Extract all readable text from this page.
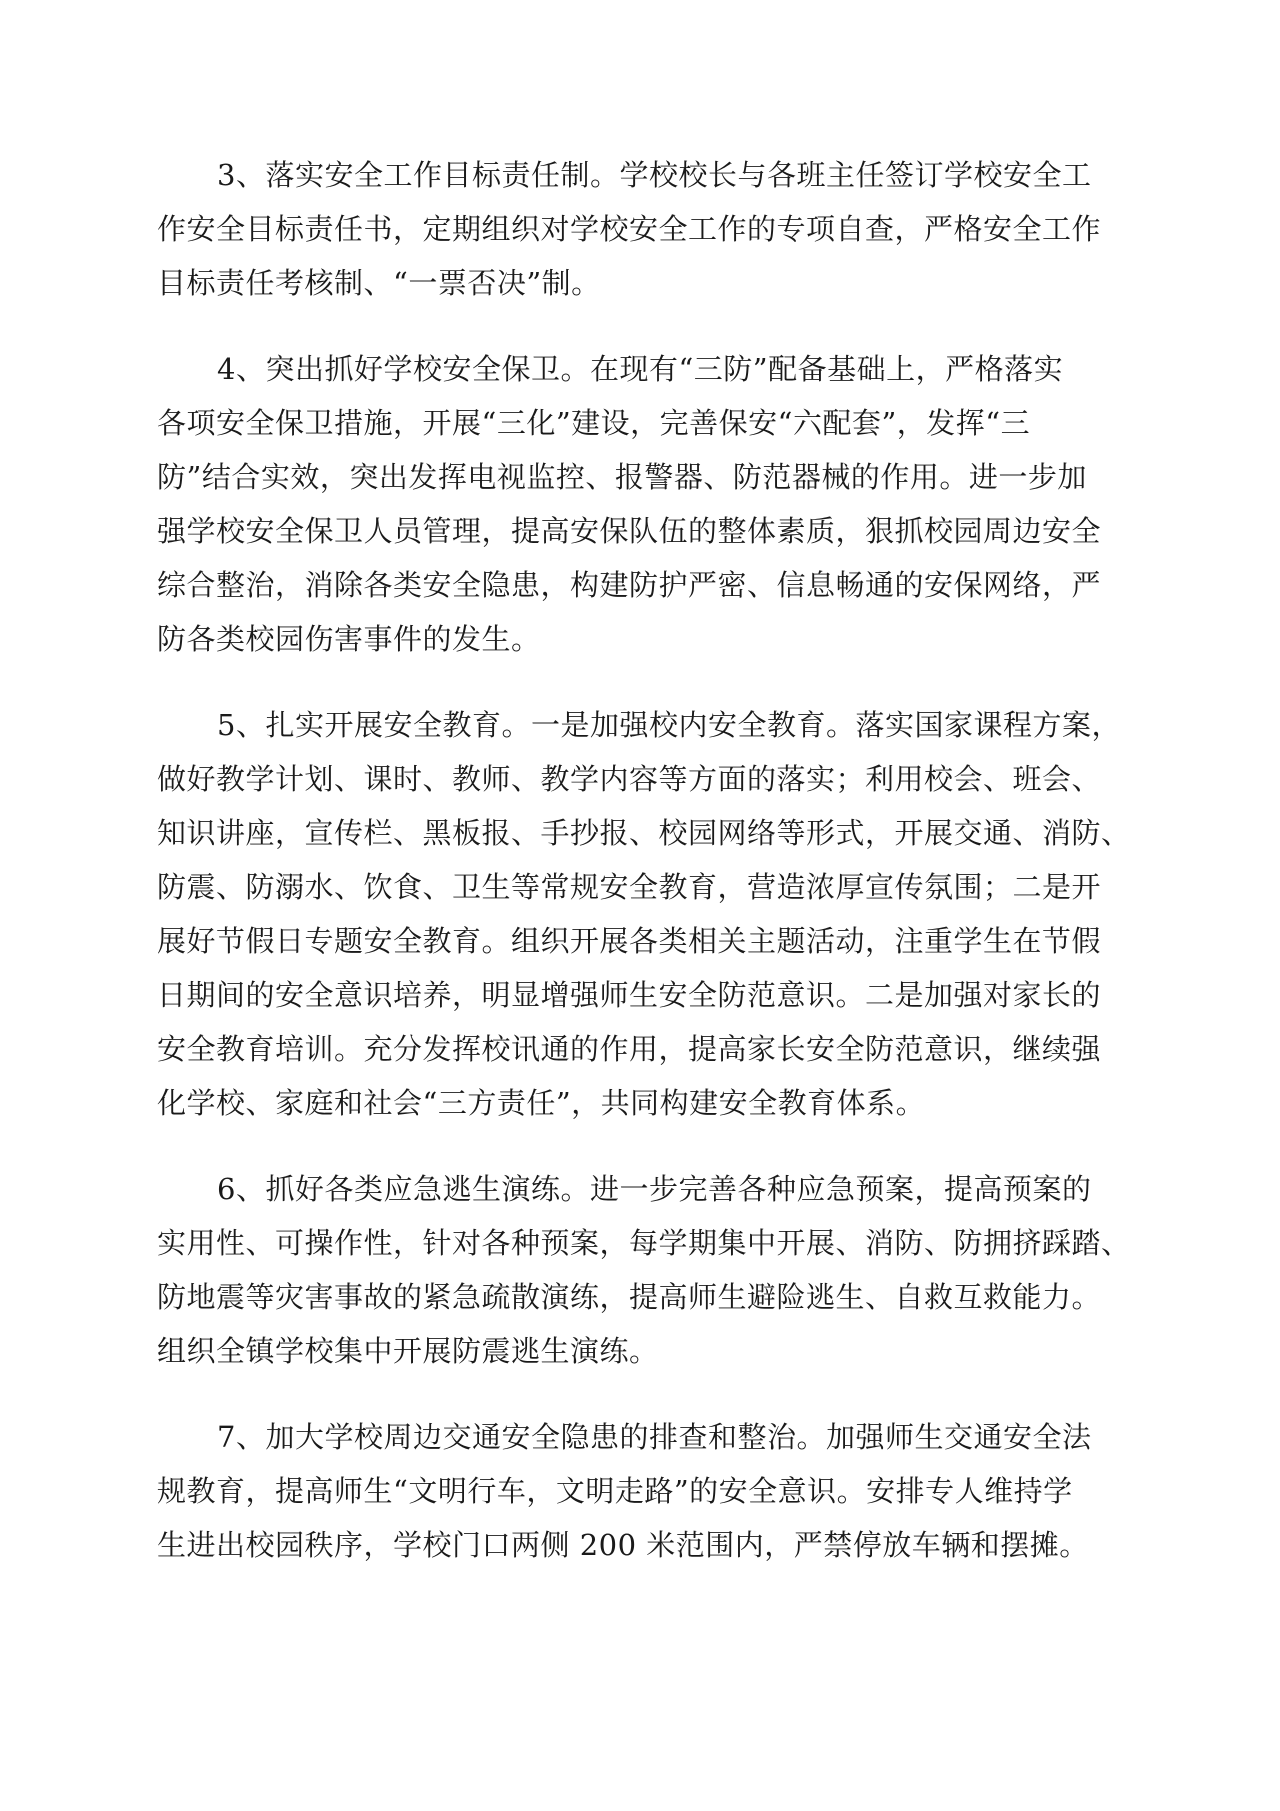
3、落实安全工作目标责任制。学校校长与各班主任签订学校安全工
作安全目标责任书，定期组织对学校安全工作的专项自查，严格安全工作
目标责任考核制、“一票否决”制。
4、突出抓好学校安全保卫。在现有“三防”配备基础上，严格落实
各项安全保卫措施，开展“三化”建设，完善保安“六配套”，发挥“三
防”结合实效，突出发挥电视监控、报警器、防范器械的作用。进一步加
强学校安全保卫人员管理，提高安保队伍的整体素质，狠抓校园周边安全
综合整治，消除各类安全隐患，构建防护严密、信息畅通的安保网络，严
防各类校园伤害事件的发生。
5、扎实开展安全教育。一是加强校内安全教育。落实国家课程方案，
做好教学计划、课时、教师、教学内容等方面的落实；利用校会、班会、
知识讲座，宣传栏、黑板报、手抄报、校园网络等形式，开展交通、消防、
防震、防溺水、饮食、卫生等常规安全教育，营造浓厚宣传氛围；二是开
展好节假日专题安全教育。组织开展各类相关主题活动，注重学生在节假
日期间的安全意识培养，明显增强师生安全防范意识。二是加强对家长的
安全教育培训。充分发挥校讯通的作用，提高家长安全防范意识，继续强
化学校、家庭和社会“三方责任”，共同构建安全教育体系。
6、抓好各类应急逃生演练。进一步完善各种应急预案，提高预案的
实用性、可操作性，针对各种预案，每学期集中开展、消防、防拥挤踩踏、
防地震等灾害事故的紧急疏散演练，提高师生避险逃生、自救互救能力。
组织全镇学校集中开展防震逃生演练。
7、加大学校周边交通安全隐患的排查和整治。加强师生交通安全法
规教育，提高师生“文明行车，文明走路”的安全意识。安排专人维持学
生进出校园秩序，学校门口两侧 200 米范围内，严禁停放车辆和摆摊。
